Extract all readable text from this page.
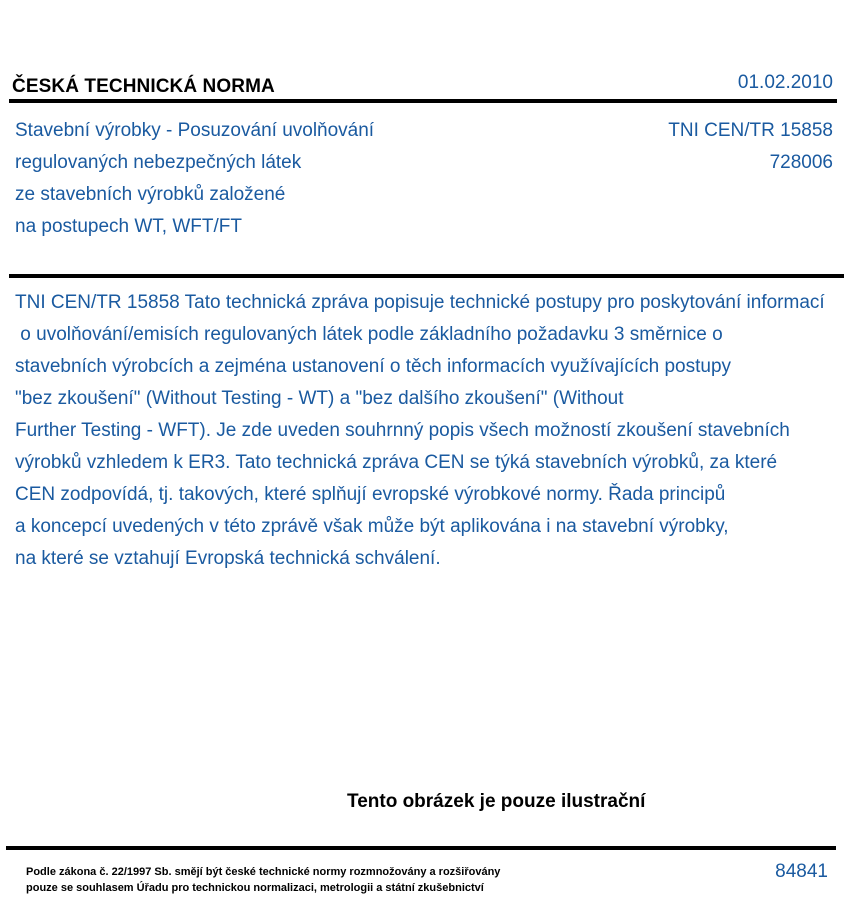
ČESKÁ TECHNICKÁ NORMA	01.02.2010
Stavební výrobky - Posuzování uvolňování
regulovaných nebezpečných látek
ze stavebních výrobků založené
na postupech WT, WFT/FT
TNI CEN/TR 15858
728006
TNI CEN/TR 15858 Tato technická zpráva popisuje technické postupy pro poskytování informací
o uvolňování/emisích regulovaných látek podle základního požadavku 3 směrnice o
stavebních výrobcích a zejména ustanovení o těch informacích využívajících postupy
"bez zkoušení" (Without Testing - WT) a "bez dalšího zkoušení" (Without
Further Testing - WFT). Je zde uveden souhrnný popis všech možností zkoušení stavebních
výrobků vzhledem k ER3. Tato technická zpráva CEN se týká stavebních výrobků, za které
CEN zodpovídá, tj. takových, které splňují evropské výrobkové normy. Řada principů
a koncepcí uvedených v této zprávě však může být aplikována i na stavební výrobky,
na které se vztahují Evropská technická schválení.
Tento obrázek je pouze ilustrační
Podle zákona č. 22/1997 Sb. smějí být české technické normy rozmnožovány a rozšiřovány
pouze se souhlasem Úřadu pro technickou normalizaci, metrologii a státní zkušebnictví
84841
